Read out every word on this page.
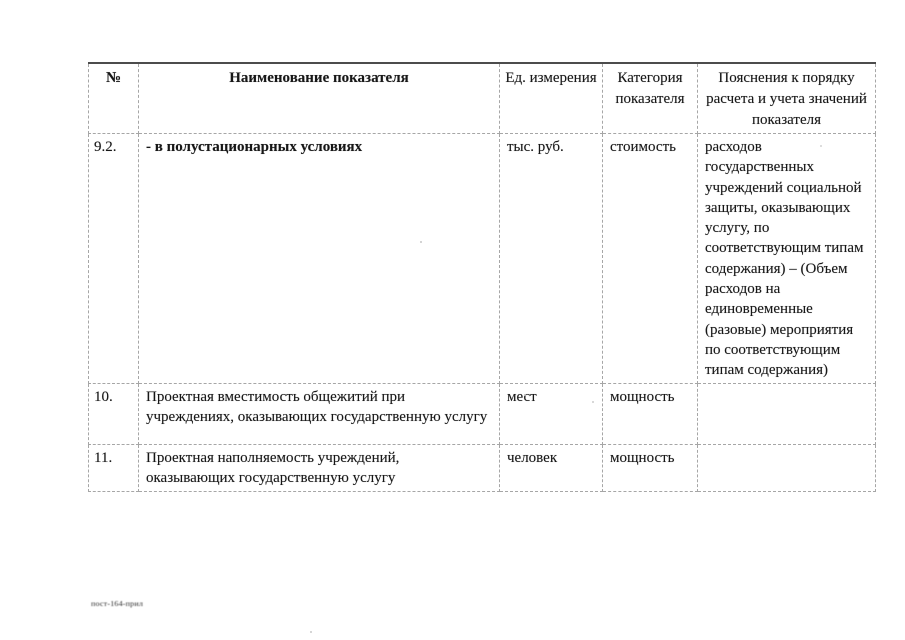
№	Наименование показателя	Ед. измерения	Категория показателя	Пояснения к порядку расчета и учета значений показателя
9.2.	- в полустационарных условиях	тыс. руб.	стоимость	расходов государственных учреждений социальной защиты, оказывающих услугу, по соответствующим типам содержания) – (Объем расходов на единовременные (разовые) мероприятия по соответствующим типам содержания)
10.	Проектная вместимость общежитий при учреждениях, оказывающих государственную услугу	мест	мощность	
11.	Проектная наполняемость учреждений, оказывающих государственную услугу	человек	мощность	
пост-164-прил
